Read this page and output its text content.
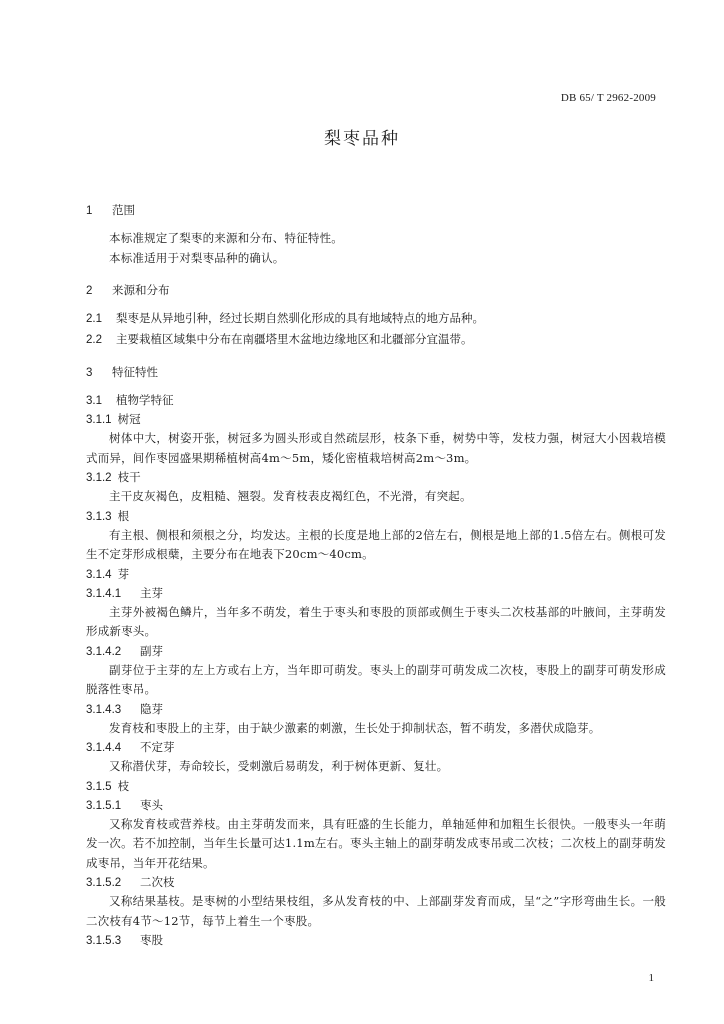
DB 65/ T 2962-2009
梨枣品种
1 范围
本标准规定了梨枣的来源和分布、特征特性。
本标准适用于对梨枣品种的确认。
2 来源和分布
2.1 梨枣是从异地引种，经过长期自然驯化形成的具有地域特点的地方品种。
2.2 主要栽植区域集中分布在南疆塔里木盆地边缘地区和北疆部分宜温带。
3 特征特性
3.1 植物学特征
3.1.1 树冠
树体中大，树姿开张，树冠多为圆头形或自然疏层形，枝条下垂，树势中等，发枝力强，树冠大小因栽培模式而异，间作枣园盛果期稀植树高4m～5m，矮化密植栽培树高2m～3m。
3.1.2 枝干
主干皮灰褐色，皮粗糙、翘裂。发育枝表皮褐红色，不光滑，有突起。
3.1.3 根
有主根、侧根和须根之分，均发达。主根的长度是地上部的2倍左右，侧根是地上部的1.5倍左右。侧根可发生不定芽形成根蘖，主要分布在地表下20cm～40cm。
3.1.4 芽
3.1.4.1 主芽
主芽外被褐色鳞片，当年多不萌发，着生于枣头和枣股的顶部或侧生于枣头二次枝基部的叶腋间，主芽萌发形成新枣头。
3.1.4.2 副芽
副芽位于主芽的左上方或右上方，当年即可萌发。枣头上的副芽可萌发成二次枝，枣股上的副芽可萌发形成脱落性枣吊。
3.1.4.3 隐芽
发育枝和枣股上的主芽，由于缺少激素的刺激，生长处于抑制状态，暂不萌发，多潜伏成隐芽。
3.1.4.4 不定芽
又称潜伏芽，寿命较长，受刺激后易萌发，利于树体更新、复壮。
3.1.5 枝
3.1.5.1 枣头
又称发育枝或营养枝。由主芽萌发而来，具有旺盛的生长能力，单轴延伸和加粗生长很快。一般枣头一年萌发一次。若不加控制，当年生长量可达1.1m左右。枣头主轴上的副芽萌发成枣吊或二次枝；二次枝上的副芽萌发成枣吊，当年开花结果。
3.1.5.2 二次枝
又称结果基枝。是枣树的小型结果枝组，多从发育枝的中、上部副芽发育而成，呈“之”字形弯曲生长。一般二次枝有4节～12节，每节上着生一个枣股。
3.1.5.3 枣股
1
